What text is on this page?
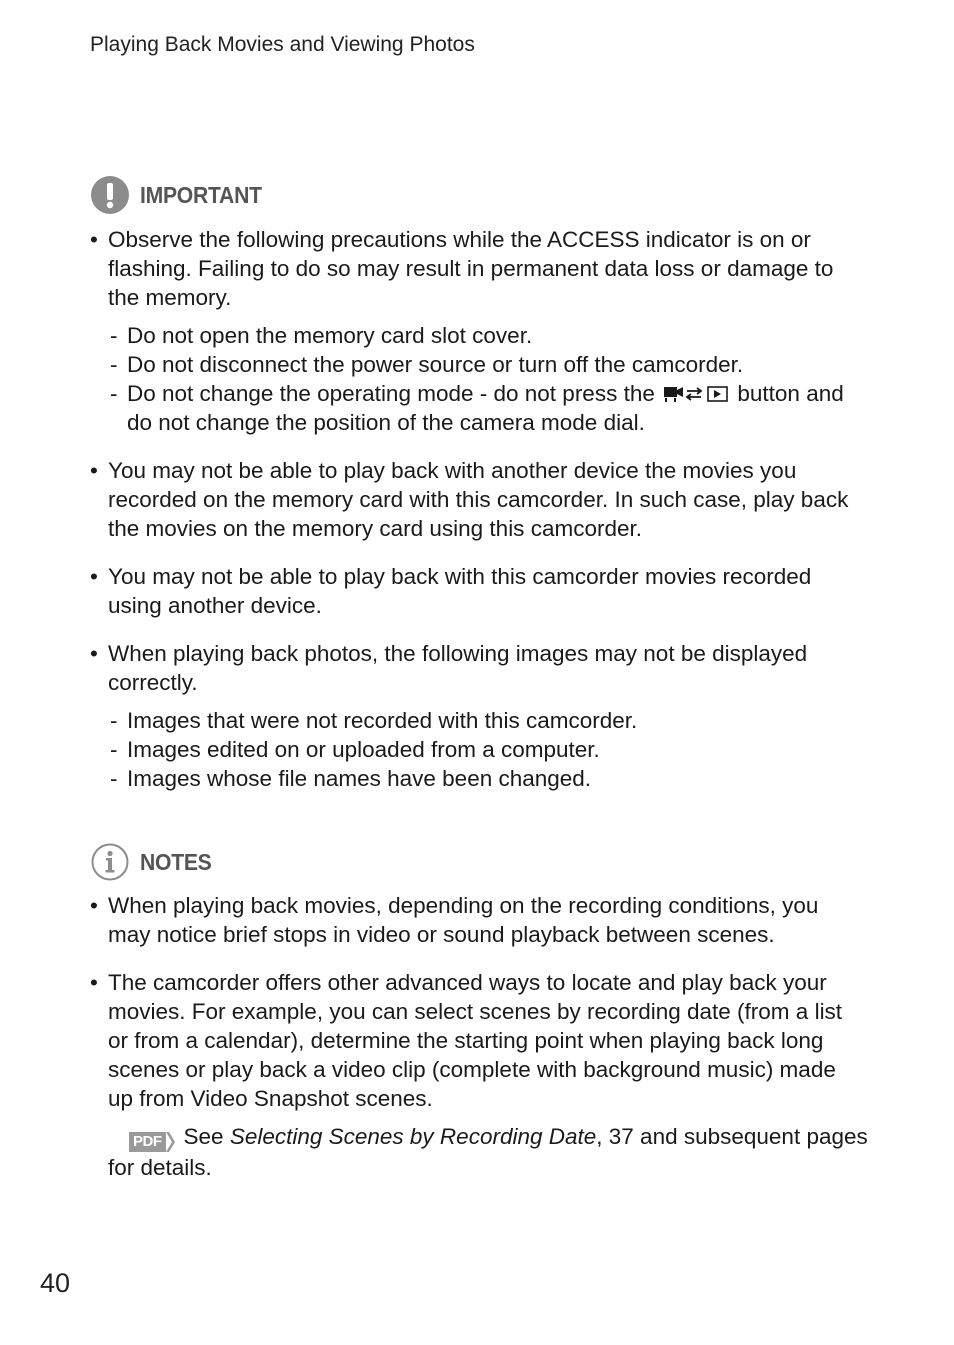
Playing Back Movies and Viewing Photos
IMPORTANT
• Observe the following precautions while the ACCESS indicator is on or
flashing. Failing to do so may result in permanent data loss or damage to
the memory.
- Do not open the memory card slot cover.
- Do not disconnect the power source or turn off the camcorder.
- Do not change the operating mode - do not press the	button and
do not change the position of the camera mode dial.
• You may not be able to play back with another device the movies you
recorded on the memory card with this camcorder. In such case, play back
the movies on the memory card using this camcorder.
• You may not be able to play back with this camcorder movies recorded
using another device.
• When playing back photos, the following images may not be displayed
correctly.
- Images that were not recorded with this camcorder.
- Images edited on or uploaded from a computer.
- Images whose file names have been changed.
NOTES
• When playing back movies, depending on the recording conditions, you
may notice brief stops in video or sound playback between scenes.
• The camcorder offers other advanced ways to locate and play back your
movies. For example, you can select scenes by recording date (from a list
or from a calendar), determine the starting point when playing back long
scenes or play back a video clip (complete with background music) made
up from Video Snapshot scenes.
PDF See Selecting Scenes by Recording Date, 37 and subsequent pages
for details.
40
